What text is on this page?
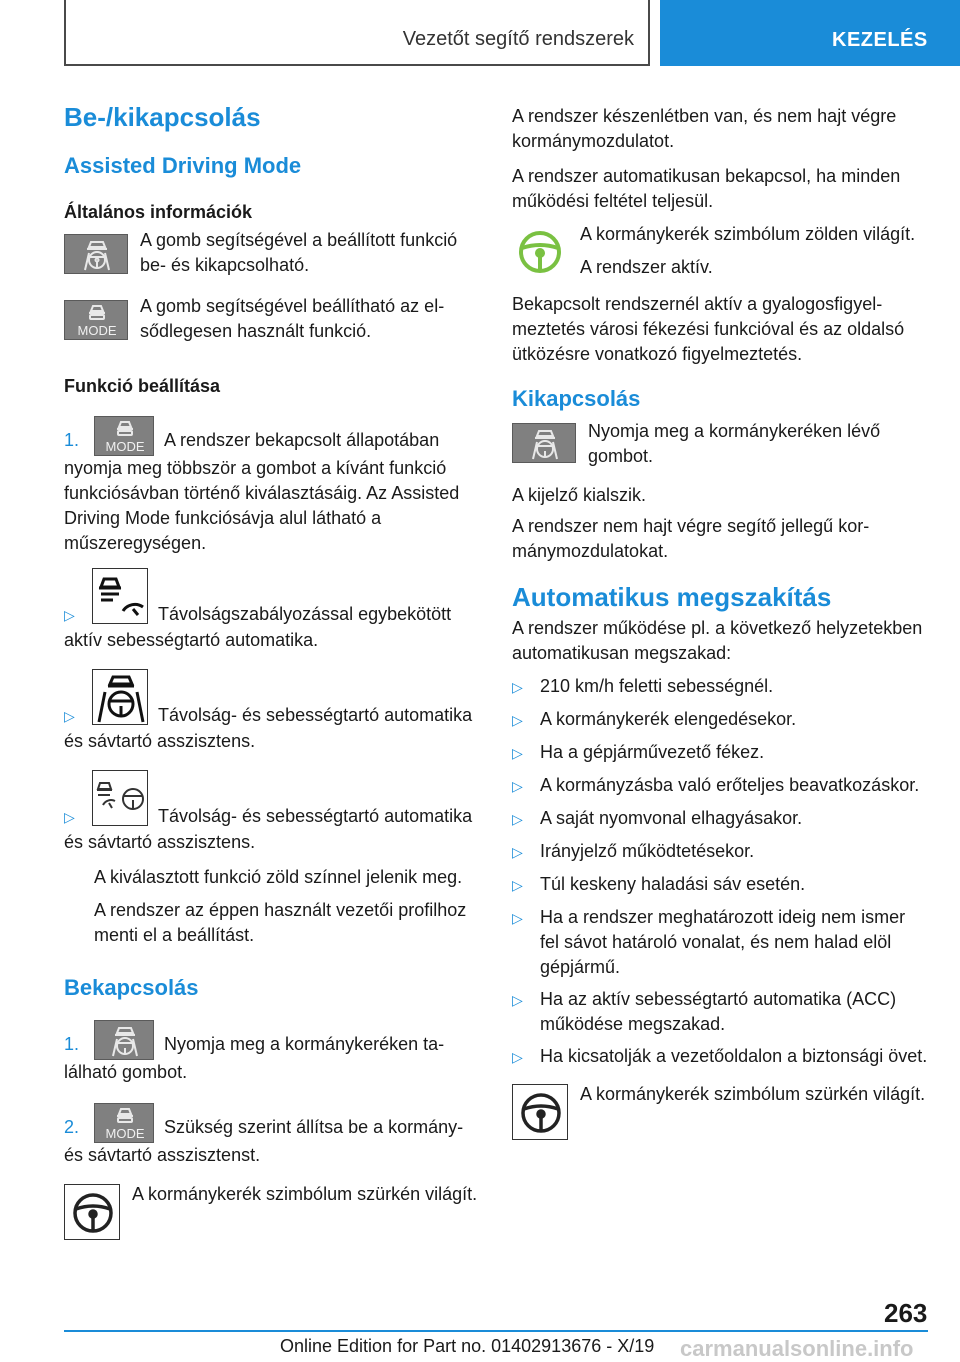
Vezetőt segítő rendszerek	KEZELÉS
Be-/kikapcsolás
Assisted Driving Mode
Általános információk

A gomb segítségével a beállított funkció be- és kikapcsolható.

MODE

A gomb segítségével beállítható az elsődlegesen használt funkció.

Funkció beállítása

1. MODE A rendszer bekapcsolt állapotában nyomja meg többször a gombot a kívánt funkció funkciósávban történő kiválasztásáig. Az Assisted Driving Mode funkciósávja alul látható a műszeregységen.

▷	Távolságszabályozással egybekötött aktív sebességtartó automatika.

▷	Távolság- és sebességtartó automatika és sávtartó asszisztens.

▷	Távolság- és sebességtartó automatika és sávtartó asszisztens.

A kiválasztott funkció zöld színnel jelenik meg.

A rendszer az éppen használt vezetői profilhoz menti el a beállítást.

Bekapcsolás

1.	Nyomja meg a kormánykeréken található gombot.

2. MODE Szükség szerint állítsa be a kormány- és sávtartó asszisztenst.

A kormánykerék szimbólum szürkén világít.

A rendszer készenlétben van, és nem hajt végre kormánymozdulatot.

A rendszer automatikusan bekapcsol, ha minden működési feltétel teljesül.

A kormánykerék szimbólum zölden világít.

A rendszer aktív.

Bekapcsolt rendszernél aktív a gyalogosfigyelmeztetés városi fékezési funkcióval és az oldalsó ütközésre vonatkozó figyelmeztetés.

Kikapcsolás

Nyomja meg a kormánykeréken lévő gombot.

A kijelző kialszik.

A rendszer nem hajt végre segítő jellegű kormánymozdulatokat.

Automatikus megszakítás

A rendszer működése pl. a következő helyzetekben automatikusan megszakad:

▷ 210 km/h feletti sebességnél.
▷ A kormánykerék elengedésekor.
▷ Ha a gépjárművezető fékez.
▷ A kormányzásba való erőteljes beavatkozáskor.
▷ A saját nyomvonal elhagyásakor.
▷ Irányjelző működtetésekor.
▷ Túl keskeny haladási sáv esetén.
▷ Ha a rendszer meghatározott ideig nem ismer fel sávot határoló vonalat, és nem halad elöl gépjármű.
▷ Ha az aktív sebességtartó automatika (ACC) működése megszakad.
▷ Ha kicsatolják a vezetőoldalon a biztonsági övet.

A kormánykerék szimbólum szürkén világít.

263
Online Edition for Part no. 01402913676 - X/19 carmanualsonline.info
